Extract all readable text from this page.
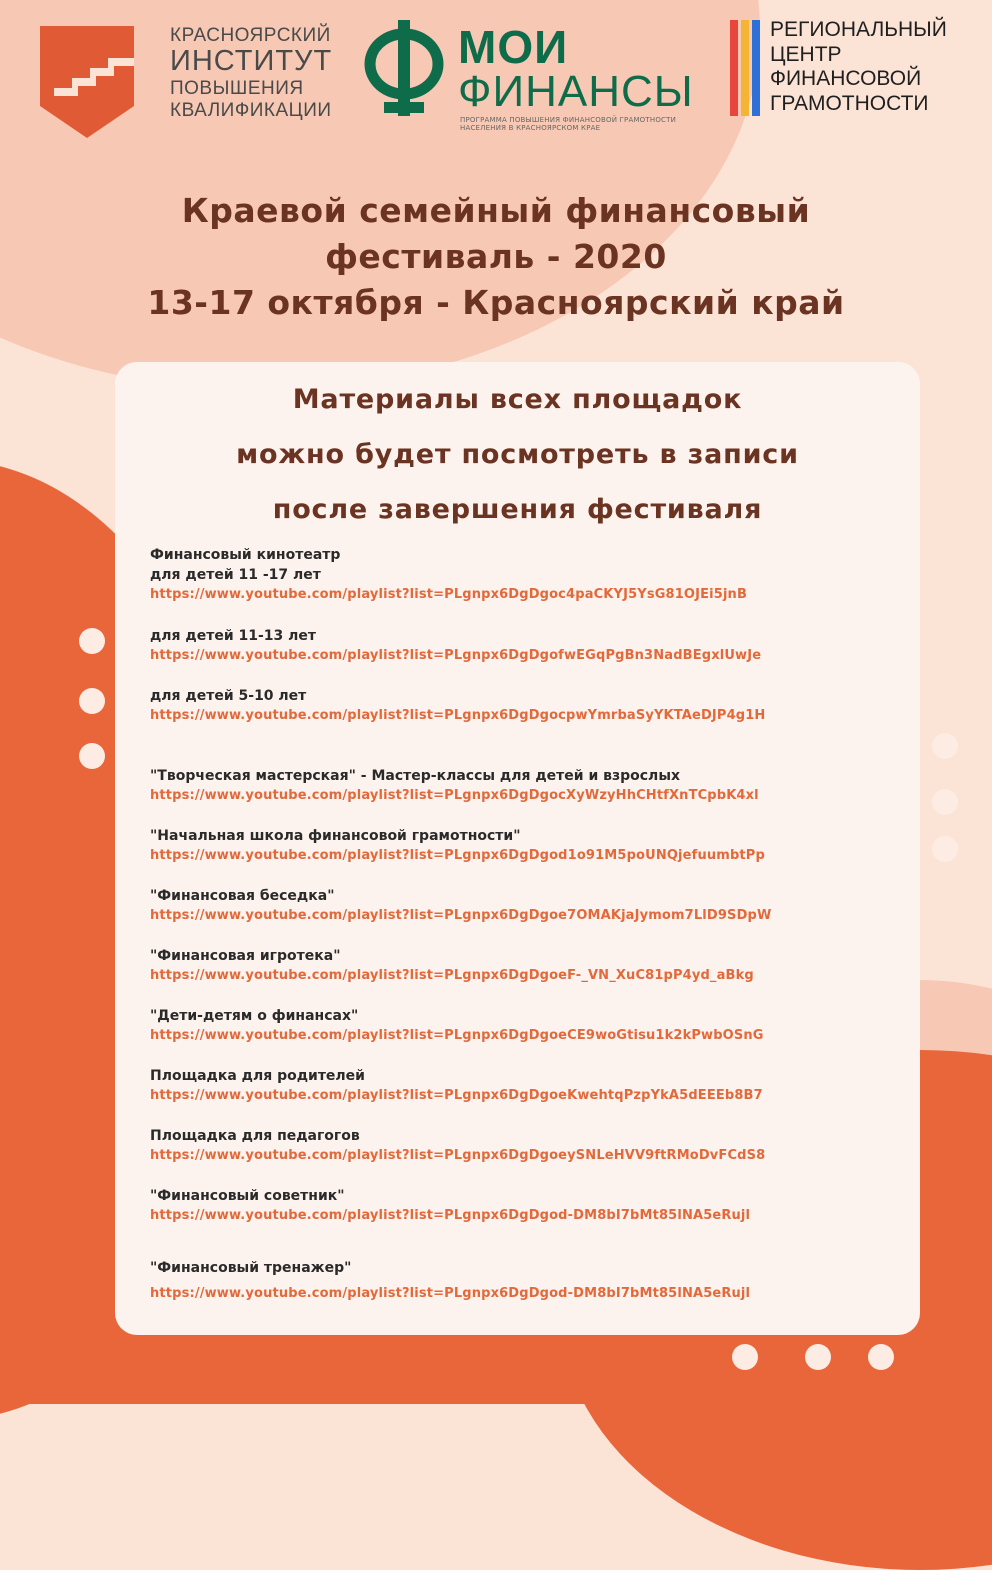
КРАСНОЯРСКИЙ
ИНСТИТУТ
ПОВЫШЕНИЯ
КВАЛИФИКАЦИИ
МОИ
ФИНАНСЫ
ПРОГРАММА ПОВЫШЕНИЯ ФИНАНСОВОЙ ГРАМОТНОСТИ
НАСЕЛЕНИЯ В КРАСНОЯРСКОМ КРАЕ
РЕГИОНАЛЬНЫЙ
ЦЕНТР
ФИНАНСОВОЙ
ГРАМОТНОСТИ
Краевой семейный финансовый
фестиваль - 2020
13-17 октября - Красноярский край
Материалы всех площадок
можно будет посмотреть в записи
после завершения фестиваля
Финансовый кинотеатр
для детей 11 -17 лет
https://www.youtube.com/playlist?list=PLgnpx6DgDgoc4paCKYJ5YsG81OJEi5jnB
для детей 11-13 лет
https://www.youtube.com/playlist?list=PLgnpx6DgDgofwEGqPgBn3NadBEgxlUwJe
для детей 5-10 лет
https://www.youtube.com/playlist?list=PLgnpx6DgDgocpwYmrbaSyYKTAeDJP4g1H
"Творческая мастерская" - Мастер-классы для детей и взрослых
https://www.youtube.com/playlist?list=PLgnpx6DgDgocXyWzyHhCHtfXnTCpbK4xl
"Начальная школа финансовой грамотности"
https://www.youtube.com/playlist?list=PLgnpx6DgDgod1o91M5poUNQjefuumbtPp
"Финансовая беседка"
https://www.youtube.com/playlist?list=PLgnpx6DgDgoe7OMAKjaJymom7LlD9SDpW
"Финансовая игротека"
https://www.youtube.com/playlist?list=PLgnpx6DgDgoeF-_VN_XuC81pP4yd_aBkg
"Дети-детям о финансах"
https://www.youtube.com/playlist?list=PLgnpx6DgDgoeCE9woGtisu1k2kPwbOSnG
Площадка для родителей
https://www.youtube.com/playlist?list=PLgnpx6DgDgoeKwehtqPzpYkA5dEEEb8B7
Площадка для педагогов
https://www.youtube.com/playlist?list=PLgnpx6DgDgoeySNLeHVV9ftRMoDvFCdS8
"Финансовый советник"
https://www.youtube.com/playlist?list=PLgnpx6DgDgod-DM8bI7bMt85lNA5eRujl
"Финансовый тренажер"
https://www.youtube.com/playlist?list=PLgnpx6DgDgod-DM8bI7bMt85lNA5eRujl
